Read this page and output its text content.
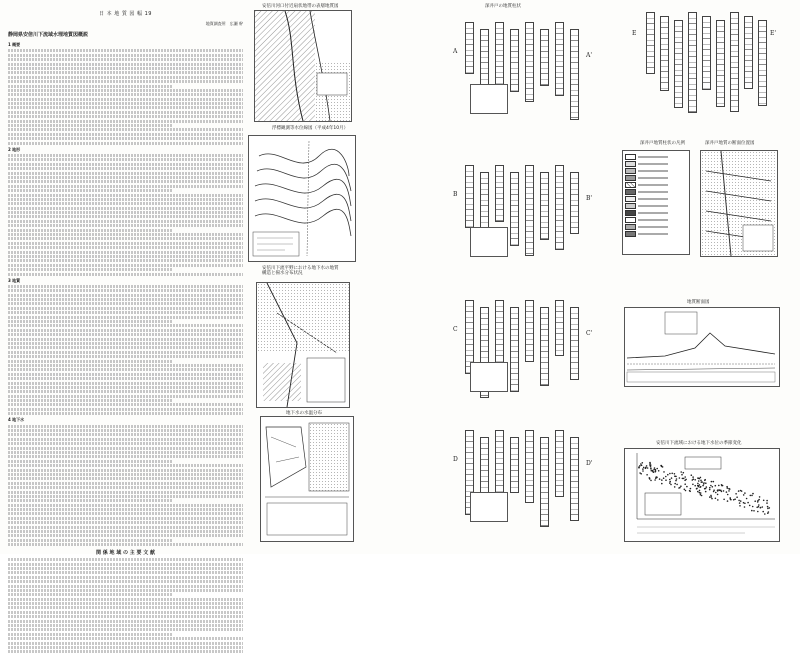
日 本 地 質 図 幅 19
静岡県安倍川下流域水理地質図概説
地質調査所　広瀬 幹
1 概要
2 地形
3 地質
4 地下水
関 係 地 域 の 主 要 文 献
安倍川河口付近扇状地帯の表層地質図
浮標観測等水位線図（平成4年10月）
安倍川下流平野における地下水の地質構造と揚水分布状況
地下水の水温分布
深井戸の地質柱状
A
A'
B
B'
C
C'
D
D'
E	E'
深井戸地質柱状の凡例	深井戸地質の断面位置図
地質断面図
安倍川下流域における地下水位の季節変化
